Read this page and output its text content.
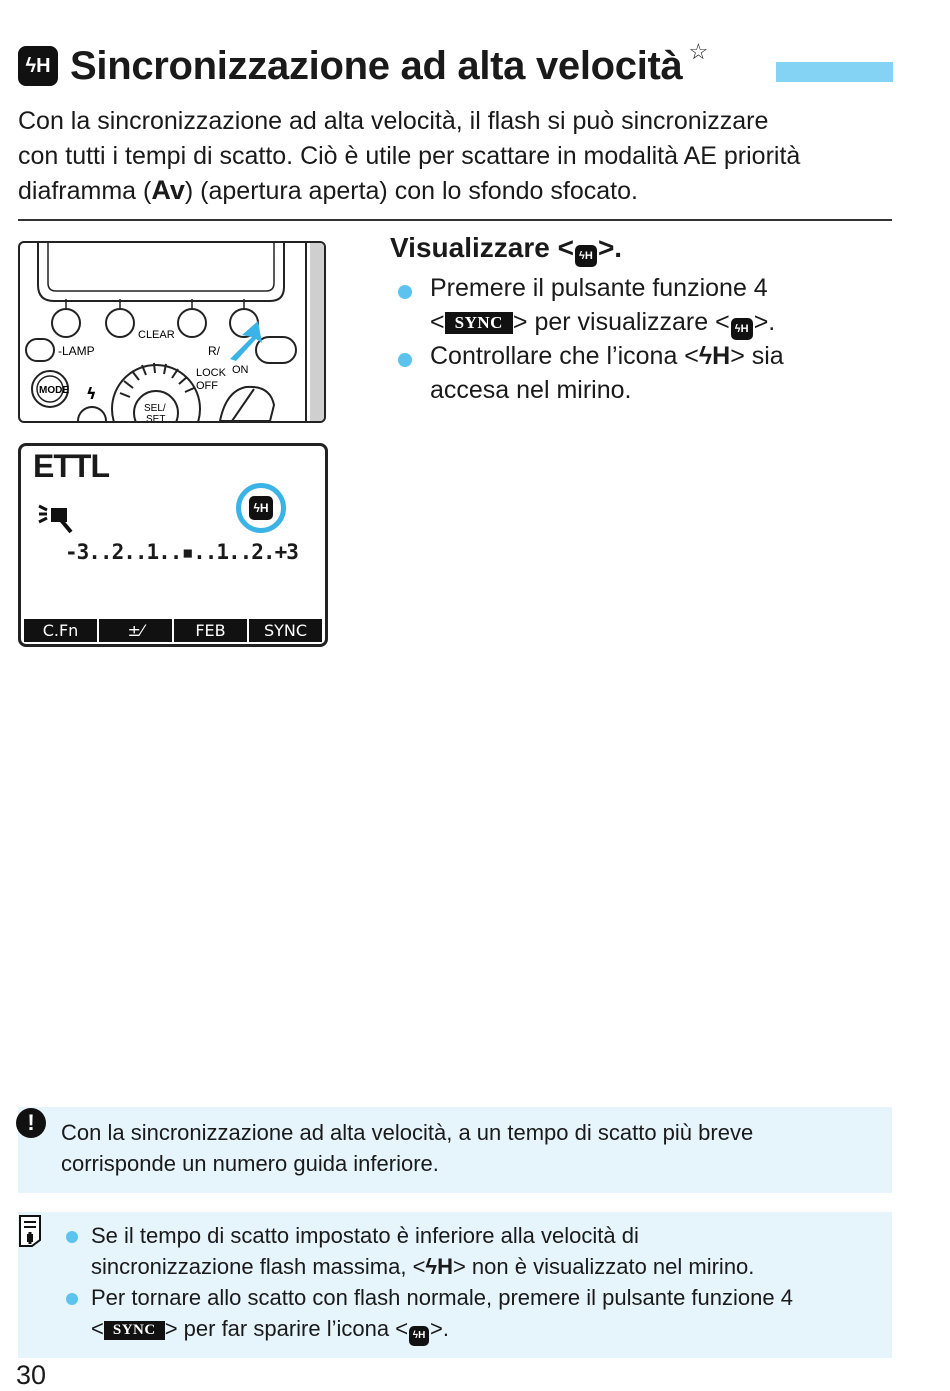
ϟH Sincronizzazione ad alta velocità ☆
Con la sincronizzazione ad alta velocità, il flash si può sincronizzare
con tutti i tempi di scatto. Ciò è utile per scattare in modalità AE priorità
diaframma (Av) (apertura aperta) con lo sfondo sfocato.
CLEAR
-LAMP	R/
MODE ϟ
SEL/
SET
LOCK
OFF
ON
ETTL
ϟ H
-3..2..1..▪..1..2.+3
C.Fn	±⁄	FEB	SYNC
Visualizzare < ϟH >.
Premere il pulsante funzione 4
< SYNC > per visualizzare < ϟH >.
Controllare che l’icona <ϟH> sia
accesa nel mirino.
!	Con la sincronizzazione ad alta velocità, a un tempo di scatto più breve
corrisponde un numero guida inferiore.
Se il tempo di scatto impostato è inferiore alla velocità di
sincronizzazione flash massima, <ϟH> non è visualizzato nel mirino.
Per tornare allo scatto con flash normale, premere il pulsante funzione 4
< SYNC > per far sparire l’icona < ϟH >.
30
